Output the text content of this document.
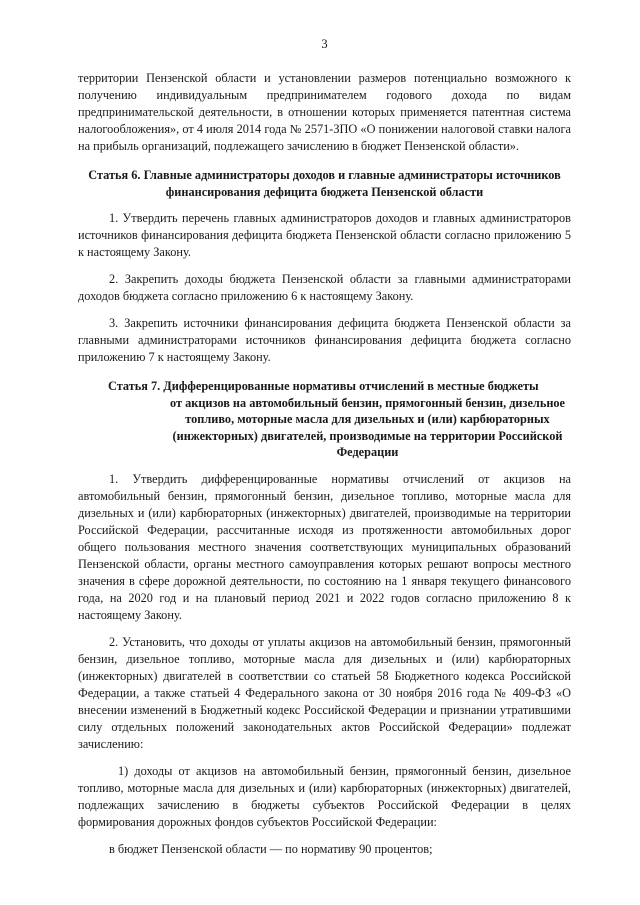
3

территории Пензенской области и установлении размеров потенциально возможного к получению индивидуальным предпринимателем годового дохода по видам предпринимательской деятельности, в отношении которых применяется патентная система налогообложения», от 4 июля 2014 года № 2571-ЗПО «О понижении налоговой ставки налога на прибыль организаций, подлежащего зачислению в бюджет Пензенской области».

Статья 6. Главные администраторы доходов и главные администраторы источников финансирования дефицита бюджета Пензенской области

1. Утвердить перечень главных администраторов доходов и главных администраторов источников финансирования дефицита бюджета Пензенской области согласно приложению 5 к настоящему Закону.

2. Закрепить доходы бюджета Пензенской области за главными администраторами доходов бюджета согласно приложению 6 к настоящему Закону.

3. Закрепить источники финансирования дефицита бюджета Пензенской области за главными администраторами источников финансирования дефицита бюджета согласно приложению 7 к настоящему Закону.

Статья 7. Дифференцированные нормативы отчислений в местные бюджеты
от акцизов на автомобильный бензин, прямогонный бензин, дизельное топливо, моторные масла для дизельных и (или) карбюраторных (инжекторных) двигателей, производимые на территории Российской Федерации

1. Утвердить дифференцированные нормативы отчислений от акцизов на автомобильный бензин, прямогонный бензин, дизельное топливо, моторные масла для дизельных и (или) карбюраторных (инжекторных) двигателей, производимые на территории Российской Федерации, рассчитанные исходя из протяженности автомобильных дорог общего пользования местного значения соответствующих муниципальных образований Пензенской области, органы местного самоуправления которых решают вопросы местного значения в сфере дорожной деятельности, по состоянию на 1 января текущего финансового года, на 2020 год и на плановый период 2021 и 2022 годов согласно приложению 8 к настоящему Закону.

2. Установить, что доходы от уплаты акцизов на автомобильный бензин, прямогонный бензин, дизельное топливо, моторные масла для дизельных и (или) карбюраторных (инжекторных) двигателей в соответствии со статьей 58 Бюджетного кодекса Российской Федерации, а также статьей 4 Федерального закона от 30 ноября 2016 года № 409-ФЗ «О внесении изменений в Бюджетный кодекс Российской Федерации и признании утратившими силу отдельных положений законодательных актов Российской Федерации» подлежат зачислению:

1) доходы от акцизов на автомобильный бензин, прямогонный бензин, дизельное топливо, моторные масла для дизельных и (или) карбюраторных (инжекторных) двигателей, подлежащих зачислению в бюджеты субъектов Российской Федерации в целях формирования дорожных фондов субъектов Российской Федерации:

в бюджет Пензенской области — по нормативу 90 процентов;
